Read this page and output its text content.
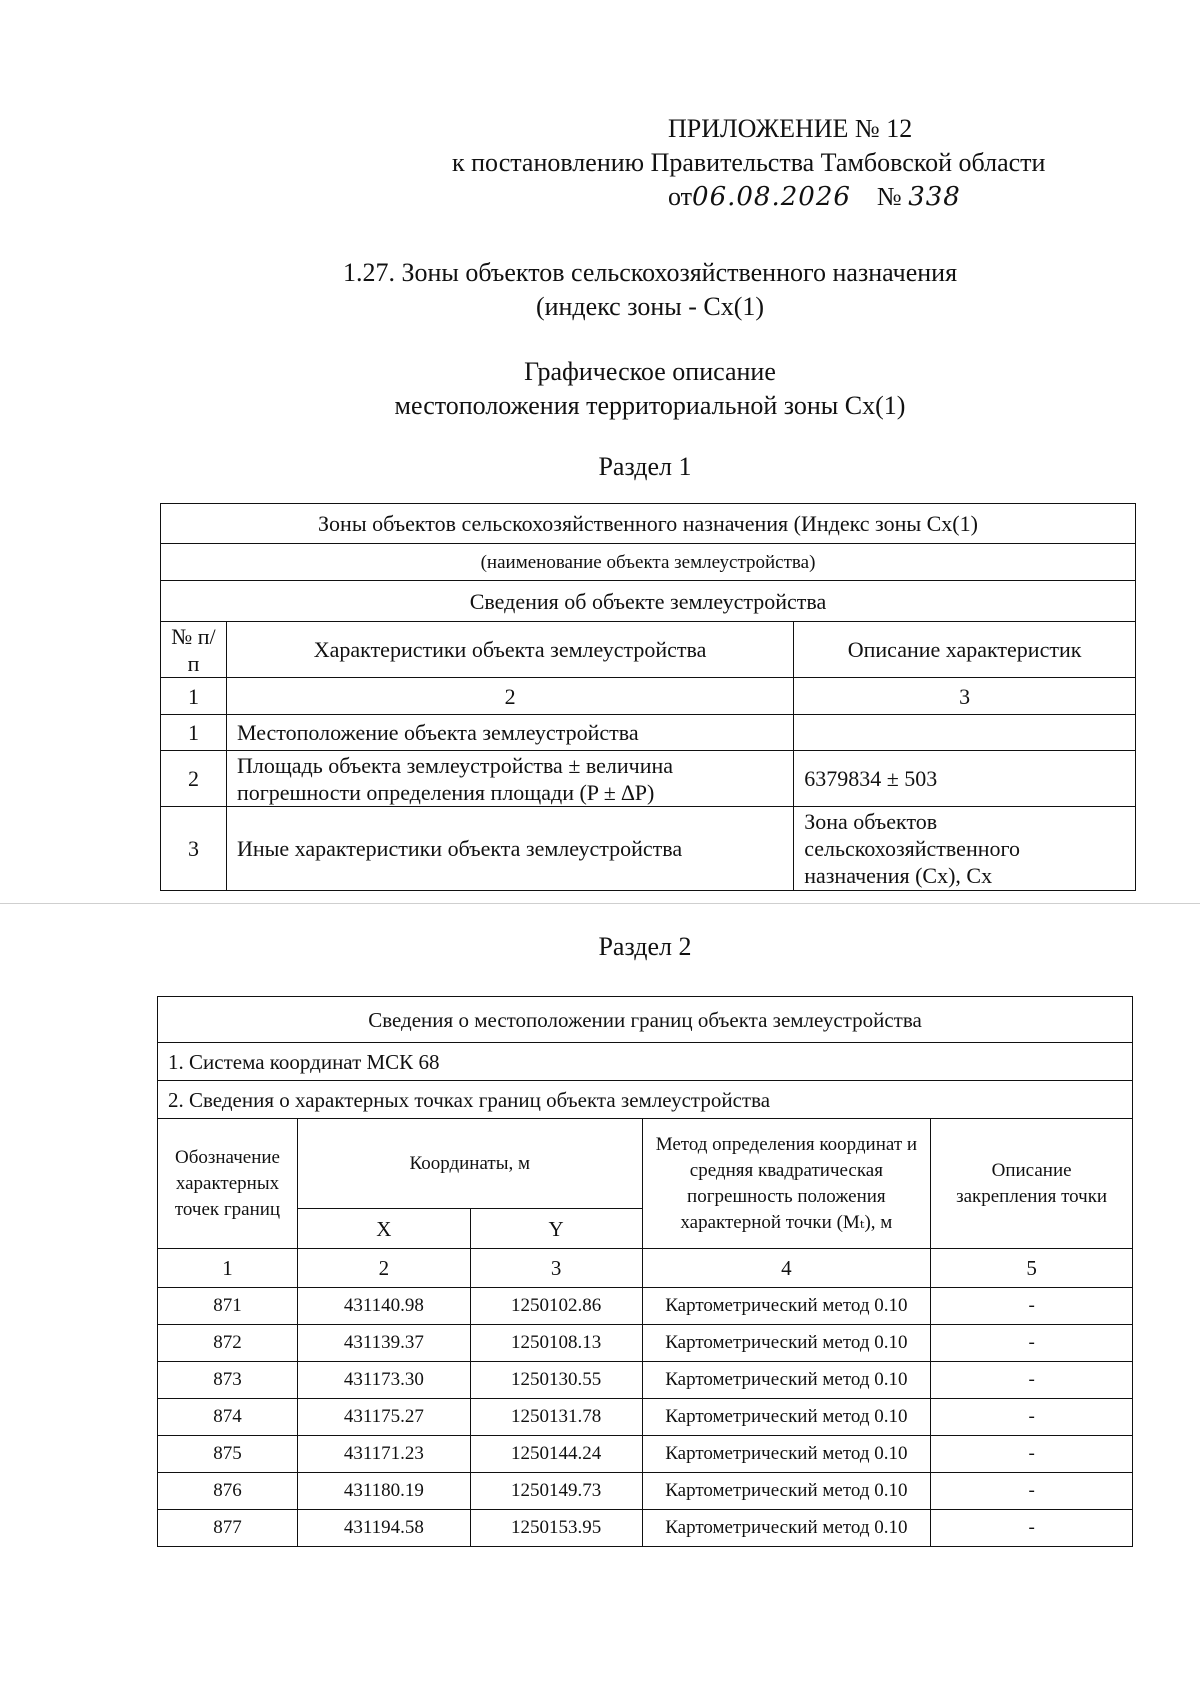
ПРИЛОЖЕНИЕ № 12
к постановлению Правительства Тамбовской области
от06.08.2026 № 338
1.27. Зоны объектов сельскохозяйственного назначения
(индекс зоны - Сх(1)
Графическое описание
местоположения территориальной зоны Сх(1)
Раздел 1
Зоны объектов сельскохозяйственного назначения (Индекс зоны Сх(1)		
(наименование объекта землеустройства)		
Сведения об объекте землеустройства		
№ п/п	Характеристики объекта землеустройства	Описание характеристик
1	2	3
1	Местоположение объекта землеустройства	
2	Площадь объекта землеустройства ± величина погрешности определения площади (P ± ∆P)	6379834 ± 503
3	Иные характеристики объекта землеустройства	Зона объектов сельскохозяйственного назначения (Сх), Сх
Раздел 2
Сведения о местоположении границ объекта землеустройства				
1. Система координат МСК 68				
2. Сведения о характерных точках границ объекта землеустройства				
Обозначение характерных точек границ	Координаты, м		Метод определения координат и средняя квадратическая погрешность положения характерной точки (Mₜ), м	Описание закрепления точки
	X	Y		
1	2	3	4	5
871	431140.98	1250102.86	Картометрический метод 0.10	-
872	431139.37	1250108.13	Картометрический метод 0.10	-
873	431173.30	1250130.55	Картометрический метод 0.10	-
874	431175.27	1250131.78	Картометрический метод 0.10	-
875	431171.23	1250144.24	Картометрический метод 0.10	-
876	431180.19	1250149.73	Картометрический метод 0.10	-
877	431194.58	1250153.95	Картометрический метод 0.10	-
